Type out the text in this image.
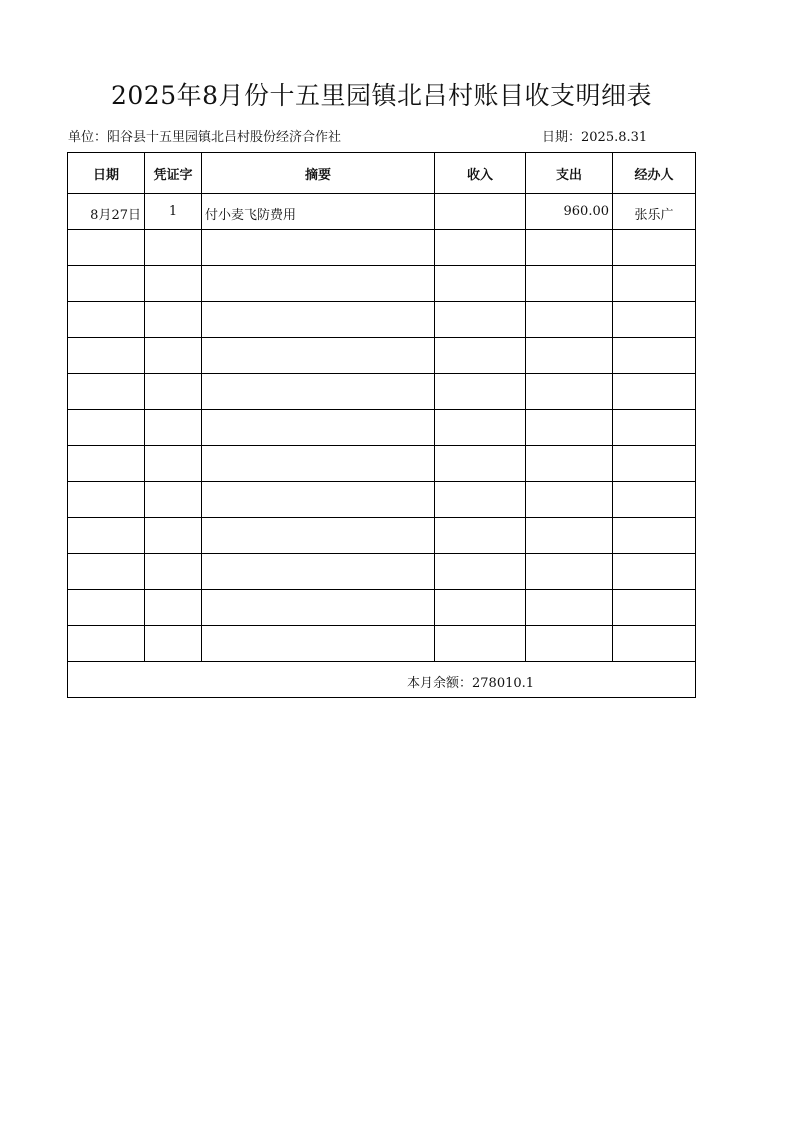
2025年8月份十五里园镇北吕村账目收支明细表
单位：阳谷县十五里园镇北吕村股份经济合作社	日期：2025.8.31
日期	凭证字	摘要	收入	支出	经办人
8月27日	1	付小麦飞防费用		960.00	张乐广

本月余额：278010.1					
